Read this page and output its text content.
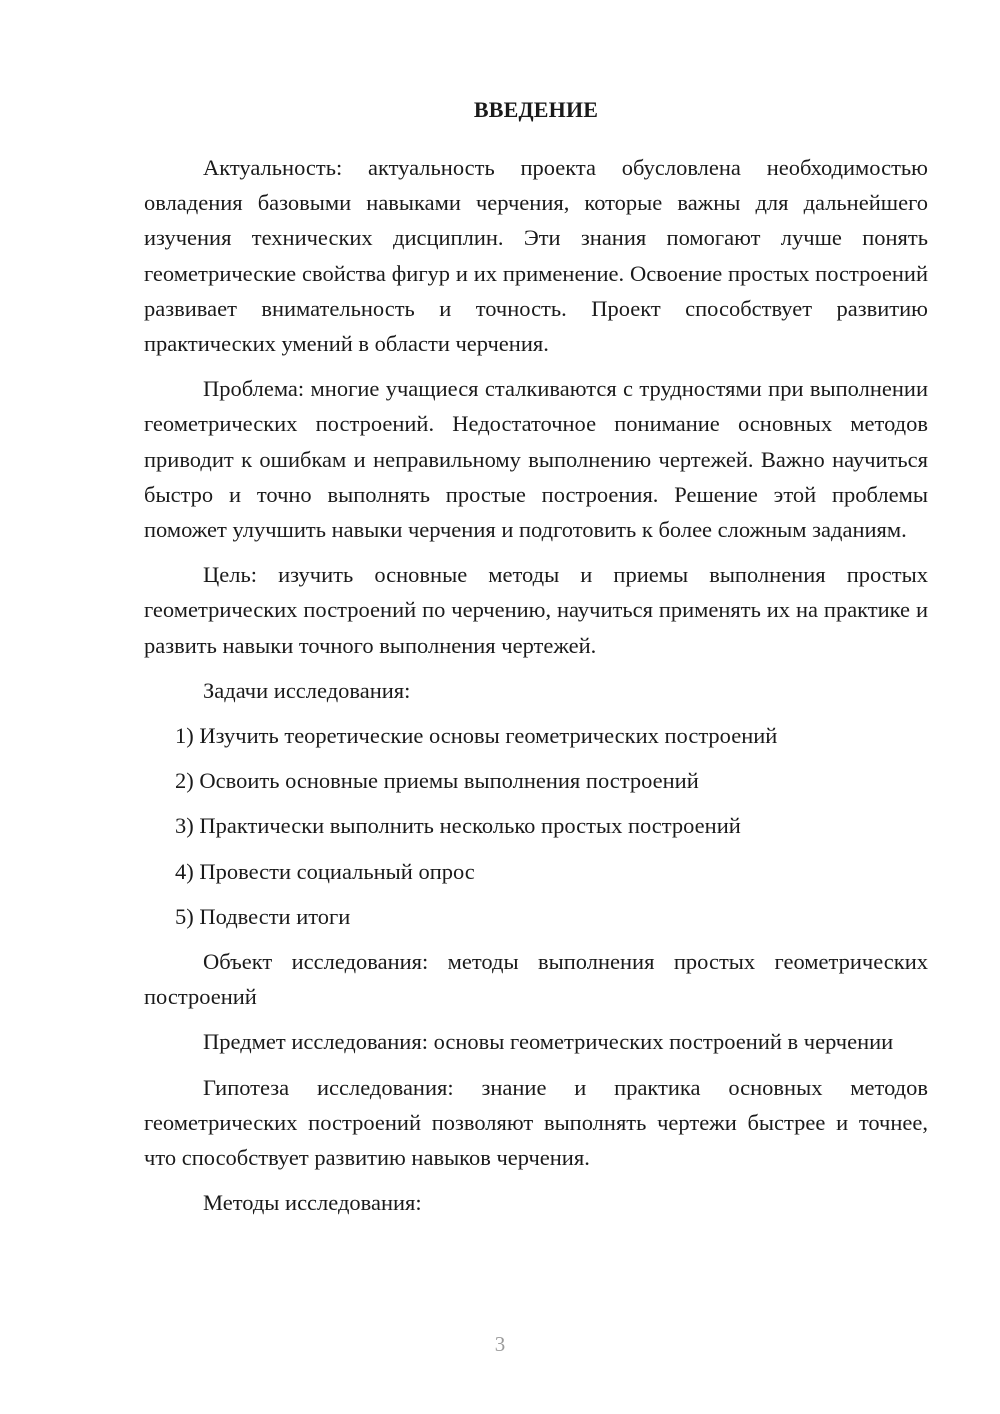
ВВЕДЕНИЕ

Актуальность: актуальность проекта обусловлена необходимостью овладения базовыми навыками черчения, которые важны для дальнейшего изучения технических дисциплин. Эти знания помогают лучше понять геометрические свойства фигур и их применение. Освоение простых построений развивает внимательность и точность. Проект способствует развитию практических умений в области черчения.

Проблема: многие учащиеся сталкиваются с трудностями при выполнении геометрических построений. Недостаточное понимание основных методов приводит к ошибкам и неправильному выполнению чертежей. Важно научиться быстро и точно выполнять простые построения. Решение этой проблемы поможет улучшить навыки черчения и подготовить к более сложным заданиям.

Цель: изучить основные методы и приемы выполнения простых геометрических построений по черчению, научиться применять их на практике и развить навыки точного выполнения чертежей.

Задачи исследования:

1) Изучить теоретические основы геометрических построений

2) Освоить основные приемы выполнения построений

3) Практически выполнить несколько простых построений

4) Провести социальный опрос

5) Подвести итоги

Объект исследования: методы выполнения простых геометрических построений

Предмет исследования: основы геометрических построений в черчении

Гипотеза исследования: знание и практика основных методов геометрических построений позволяют выполнять чертежи быстрее и точнее, что способствует развитию навыков черчения.

Методы исследования:

3
